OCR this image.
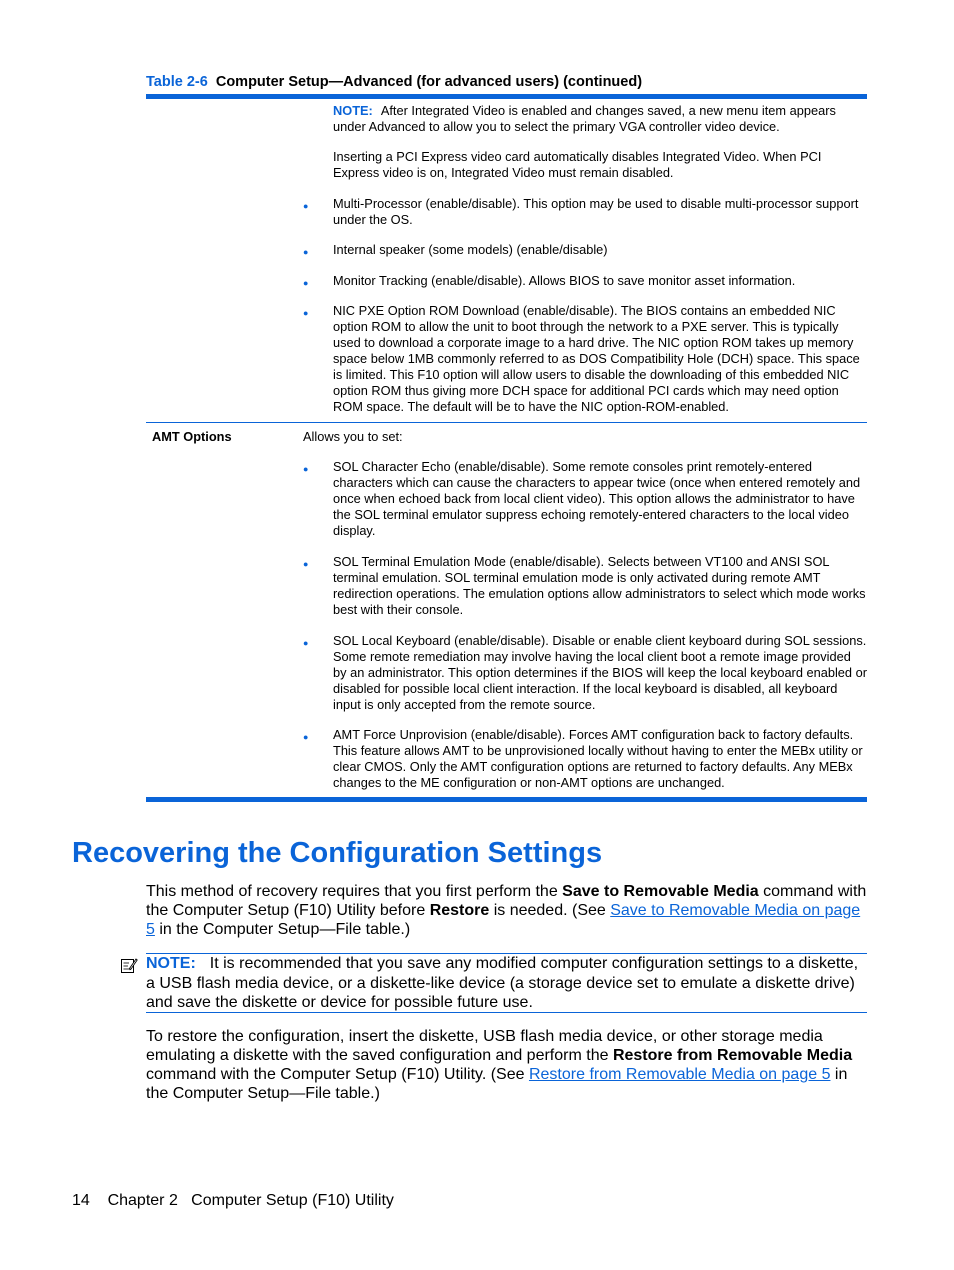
Table 2-6 Computer Setup—Advanced (for advanced users) (continued)
NOTE: After Integrated Video is enabled and changes saved, a new menu item appears under Advanced to allow you to select the primary VGA controller video device.
Inserting a PCI Express video card automatically disables Integrated Video. When PCI Express video is on, Integrated Video must remain disabled.
●
Multi-Processor (enable/disable). This option may be used to disable multi-processor support under the OS.
●
Internal speaker (some models) (enable/disable)
●
Monitor Tracking (enable/disable). Allows BIOS to save monitor asset information.
●
NIC PXE Option ROM Download (enable/disable). The BIOS contains an embedded NIC option ROM to allow the unit to boot through the network to a PXE server. This is typically used to download a corporate image to a hard drive. The NIC option ROM takes up memory space below 1MB commonly referred to as DOS Compatibility Hole (DCH) space. This space is limited. This F10 option will allow users to disable the downloading of this embedded NIC option ROM thus giving more DCH space for additional PCI cards which may need option ROM space. The default will be to have the NIC option-ROM-enabled.
AMT Options	Allows you to set:
●
SOL Character Echo (enable/disable). Some remote consoles print remotely-entered characters which can cause the characters to appear twice (once when entered remotely and once when echoed back from local client video). This option allows the administrator to have the SOL terminal emulator suppress echoing remotely-entered characters to the local video display.
●
SOL Terminal Emulation Mode (enable/disable). Selects between VT100 and ANSI SOL terminal emulation. SOL terminal emulation mode is only activated during remote AMT redirection operations. The emulation options allow administrators to select which mode works best with their console.
●
SOL Local Keyboard (enable/disable). Disable or enable client keyboard during SOL sessions. Some remote remediation may involve having the local client boot a remote image provided by an administrator. This option determines if the BIOS will keep the local keyboard enabled or disabled for possible local client interaction. If the local keyboard is disabled, all keyboard input is only accepted from the remote source.
●
AMT Force Unprovision (enable/disable). Forces AMT configuration back to factory defaults. This feature allows AMT to be unprovisioned locally without having to enter the MEBx utility or clear CMOS. Only the AMT configuration options are returned to factory defaults. Any MEBx changes to the ME configuration or non-AMT options are unchanged.
Recovering the Configuration Settings
This method of recovery requires that you first perform the Save to Removable Media command with the Computer Setup (F10) Utility before Restore is needed. (See Save to Removable Media on page 5 in the Computer Setup—File table.)
NOTE: It is recommended that you save any modified computer configuration settings to a diskette, a USB flash media device, or a diskette-like device (a storage device set to emulate a diskette drive) and save the diskette or device for possible future use.
To restore the configuration, insert the diskette, USB flash media device, or other storage media emulating a diskette with the saved configuration and perform the Restore from Removable Media command with the Computer Setup (F10) Utility. (See Restore from Removable Media on page 5 in the Computer Setup—File table.)
14 Chapter 2   Computer Setup (F10) Utility
